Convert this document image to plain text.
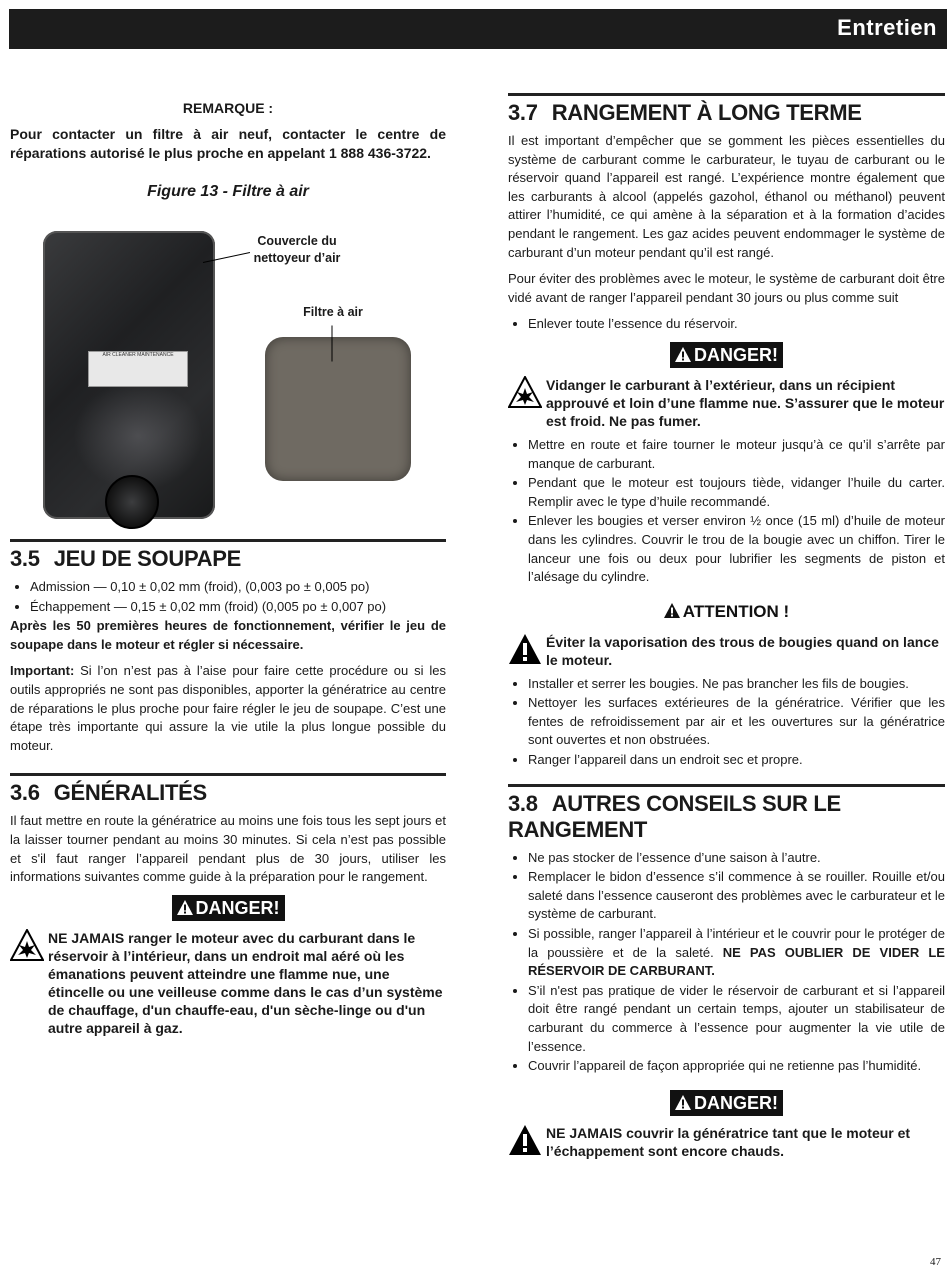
Entretien
REMARQUE :
Pour contacter un filtre à air neuf, contacter le centre de réparations autorisé le plus proche en appelant 1 888 436-3722.
Figure 13 - Filtre à air
AIR CLEANER MAINTENANCE
Couvercle du nettoyeur d’air
Filtre à air
3.5 JEU DE SOUPAPE
• Admission — 0,10 ± 0,02 mm (froid), (0,003 po ± 0,005 po)
• Échappement — 0,15 ± 0,02 mm (froid) (0,005 po ± 0,007 po)

Après les 50 premières heures de fonctionnement, vérifier le jeu de soupape dans le moteur et régler si nécessaire.

Important: Si l’on n’est pas à l’aise pour faire cette procédure ou si les outils appropriés ne sont pas disponibles, apporter la génératrice au centre de réparations le plus proche pour faire régler le jeu de soupape. C’est une étape très importante qui assure la vie utile la plus longue possible du moteur.

3.6 GÉNÉRALITÉS

Il faut mettre en route la génératrice au moins une fois tous les sept jours et la laisser tourner pendant au moins 30 minutes. Si cela n’est pas possible et s'il faut ranger l’appareil pendant plus de 30 jours, utiliser les informations suivantes comme guide à la préparation pour le rangement.

DANGER!
NE JAMAIS ranger le moteur avec du carburant dans le réservoir à l’intérieur, dans un endroit mal aéré où les émanations peuvent atteindre une flamme nue, une étincelle ou une veilleuse comme dans le cas d’un système de chauffage, d'un chauffe-eau, d'un sèche-linge ou d'un autre appareil à gaz.
3.7 RANGEMENT À LONG TERME

Il est important d’empêcher que se gomment les pièces essentielles du système de carburant comme le carburateur, le tuyau de carburant ou le réservoir quand l’appareil est rangé. L’expérience montre également que les carburants à alcool (appelés gazohol, éthanol ou méthanol) peuvent attirer l’humidité, ce qui amène à la séparation et à la formation d’acides pendant le rangement. Les gaz acides peuvent endommager le système de carburant d’un moteur pendant qu’il est rangé.

Pour éviter des problèmes avec le moteur, le système de carburant doit être vidé avant de ranger l’appareil pendant 30 jours ou plus comme suit

• Enlever toute l’essence du réservoir.
DANGER!
Vidanger le carburant à l’extérieur, dans un récipient approuvé et loin d’une flamme nue. S’assurer que le moteur est froid. Ne pas fumer.
• Mettre en route et faire tourner le moteur jusqu’à ce qu’il s’arrête par manque de carburant.
• Pendant que le moteur est toujours tiède, vidanger l’huile du carter. Remplir avec le type d’huile recommandé.
• Enlever les bougies et verser environ ½ once (15 ml) d’huile de moteur dans les cylindres. Couvrir le trou de la bougie avec un chiffon. Tirer le lanceur une fois ou deux pour lubrifier les segments de piston et l’alésage du cylindre.
ATTENTION !
Éviter la vaporisation des trous de bougies quand on lance le moteur.
• Installer et serrer les bougies. Ne pas brancher les fils de bougies.
• Nettoyer les surfaces extérieures de la génératrice. Vérifier que les fentes de refroidissement par air et les ouvertures sur la génératrice sont ouvertes et non obstruées.
• Ranger l’appareil dans un endroit sec et propre.
3.8 AUTRES CONSEILS SUR LE RANGEMENT
• Ne pas stocker de l’essence d’une saison à l’autre.
• Remplacer le bidon d’essence s’il commence à se rouiller. Rouille et/ou saleté dans l’essence causeront des problèmes avec le carburateur et le système de carburant.
• Si possible, ranger l’appareil à l’intérieur et le couvrir pour le protéger de la poussière et de la saleté. NE PAS OUBLIER DE VIDER LE RÉSERVOIR DE CARBURANT.
• S’il n'est pas pratique de vider le réservoir de carburant et si l’appareil doit être rangé pendant un certain temps, ajouter un stabilisateur de carburant du commerce à l’essence pour augmenter la vie utile de l’essence.
• Couvrir l’appareil de façon appropriée qui ne retienne pas l’humidité.
DANGER!
NE JAMAIS couvrir la génératrice tant que le moteur et l’échappement sont encore chauds.
47
